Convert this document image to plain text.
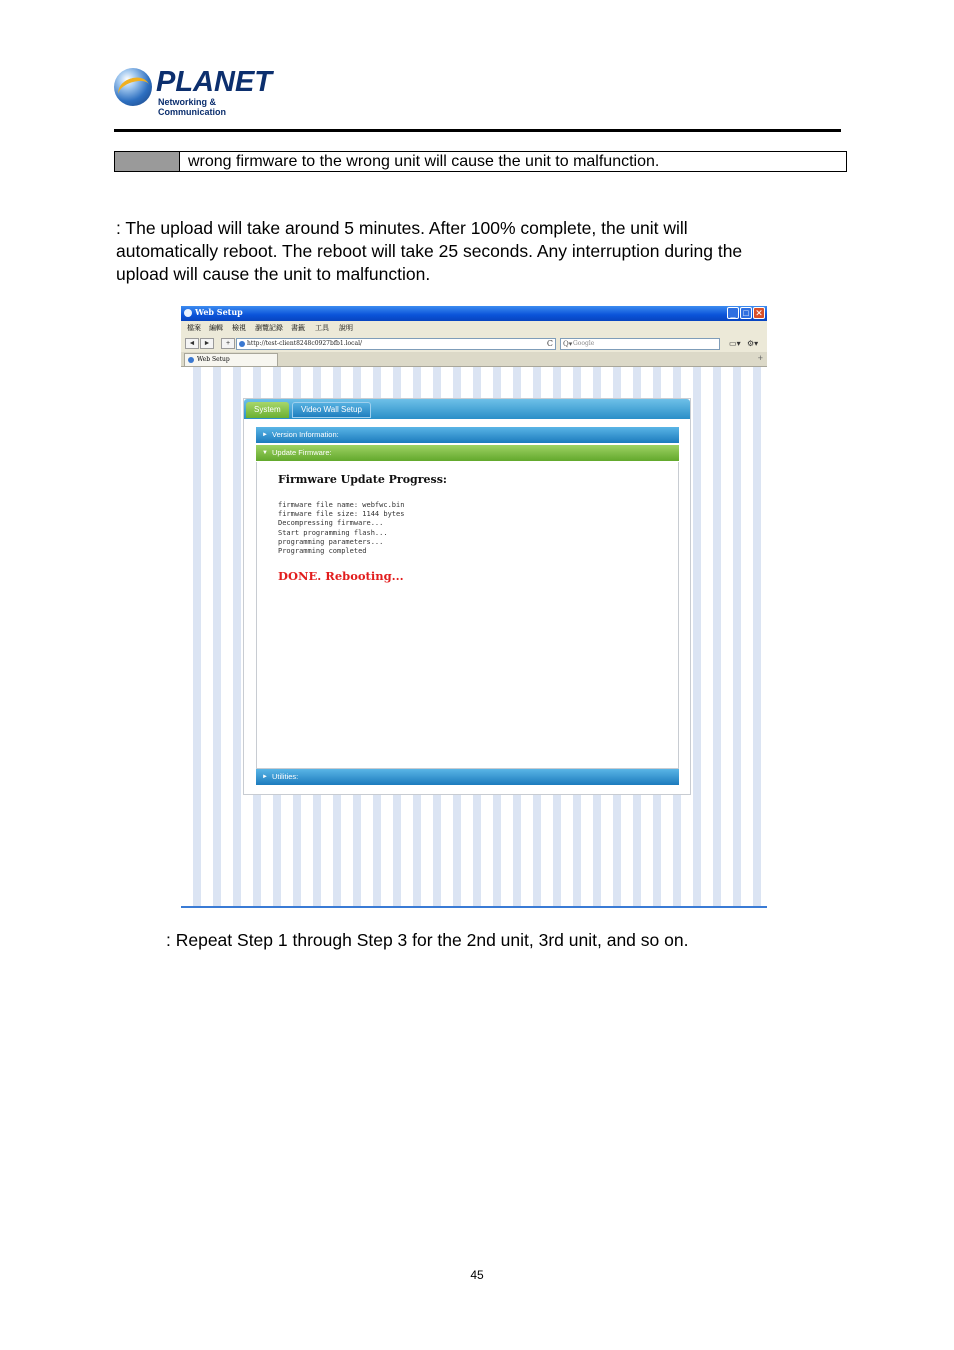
PLANET
Networking & Communication
wrong firmware to the wrong unit will cause the unit to malfunction.
: The upload will take around 5 minutes. After 100% complete, the unit will
automatically reboot. The reboot will take 25 seconds. Any interruption during the
upload will cause the unit to malfunction.
Web Setup	_ □ ✕
檔案 編輯 檢視 瀏覽記錄 書籤 工具 說明
◄	►	+	http://test-client8248c0927bfb1.local/	C Q▾ Google	▭▾ ⚙▾
Web Setup	+
System	Video Wall Setup
► Version Information:
▼ Update Firmware:
Firmware Update Progress:
firmware file name: webfwc.bin
firmware file size: 1144 bytes
Decompressing firmware...
Start programming flash...
programming parameters...
Programming completed
DONE. Rebooting...
► Utilities:
: Repeat Step 1 through Step 3 for the 2nd unit, 3rd unit, and so on.
45
